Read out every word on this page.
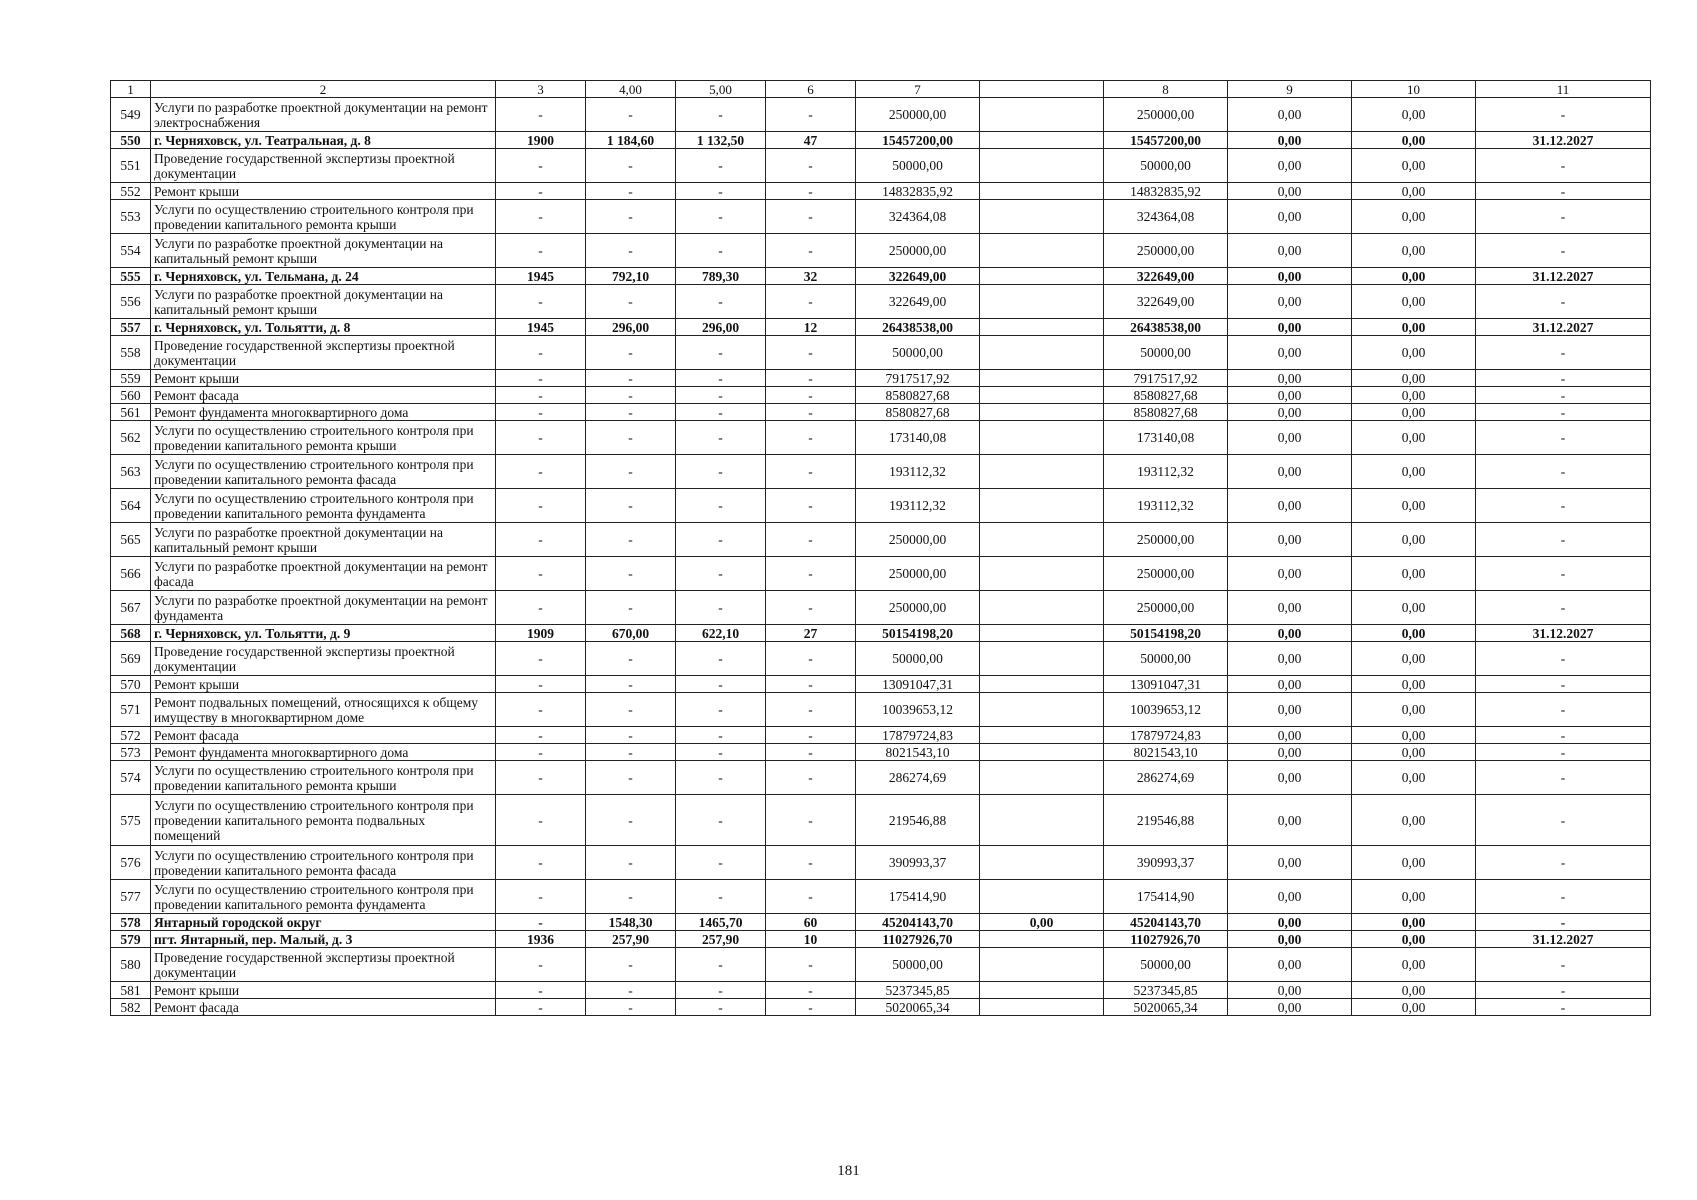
1	2	3	4,00	5,00	6	7		8	9	10	11
549	Услуги по разработке проектной документации на ремонт электроснабжения	-	-	-	-	250000,00		250000,00	0,00	0,00	-
550	г. Черняховск, ул. Театральная, д. 8	1900	1 184,60	1 132,50	47	15457200,00		15457200,00	0,00	0,00	31.12.2027
551	Проведение государственной экспертизы проектной документации	-	-	-	-	50000,00		50000,00	0,00	0,00	-
552	Ремонт крыши	-	-	-	-	14832835,92		14832835,92	0,00	0,00	-
553	Услуги по осуществлению строительного контроля при проведении капитального ремонта крыши	-	-	-	-	324364,08		324364,08	0,00	0,00	-
554	Услуги по разработке проектной документации на капитальный ремонт крыши	-	-	-	-	250000,00		250000,00	0,00	0,00	-
555	г. Черняховск, ул. Тельмана, д. 24	1945	792,10	789,30	32	322649,00		322649,00	0,00	0,00	31.12.2027
556	Услуги по разработке проектной документации на капитальный ремонт крыши	-	-	-	-	322649,00		322649,00	0,00	0,00	-
557	г. Черняховск, ул. Тольятти, д. 8	1945	296,00	296,00	12	26438538,00		26438538,00	0,00	0,00	31.12.2027
558	Проведение государственной экспертизы проектной документации	-	-	-	-	50000,00		50000,00	0,00	0,00	-
559	Ремонт крыши	-	-	-	-	7917517,92		7917517,92	0,00	0,00	-
560	Ремонт фасада	-	-	-	-	8580827,68		8580827,68	0,00	0,00	-
561	Ремонт фундамента многоквартирного дома	-	-	-	-	8580827,68		8580827,68	0,00	0,00	-
562	Услуги по осуществлению строительного контроля при проведении капитального ремонта крыши	-	-	-	-	173140,08		173140,08	0,00	0,00	-
563	Услуги по осуществлению строительного контроля при проведении капитального ремонта фасада	-	-	-	-	193112,32		193112,32	0,00	0,00	-
564	Услуги по осуществлению строительного контроля при проведении капитального ремонта фундамента	-	-	-	-	193112,32		193112,32	0,00	0,00	-
565	Услуги по разработке проектной документации на капитальный ремонт крыши	-	-	-	-	250000,00		250000,00	0,00	0,00	-
566	Услуги по разработке проектной документации на ремонт фасада	-	-	-	-	250000,00		250000,00	0,00	0,00	-
567	Услуги по разработке проектной документации на ремонт фундамента	-	-	-	-	250000,00		250000,00	0,00	0,00	-
568	г. Черняховск, ул. Тольятти, д. 9	1909	670,00	622,10	27	50154198,20		50154198,20	0,00	0,00	31.12.2027
569	Проведение государственной экспертизы проектной документации	-	-	-	-	50000,00		50000,00	0,00	0,00	-
570	Ремонт крыши	-	-	-	-	13091047,31		13091047,31	0,00	0,00	-
571	Ремонт подвальных помещений, относящихся к общему имуществу в многоквартирном доме	-	-	-	-	10039653,12		10039653,12	0,00	0,00	-
572	Ремонт фасада	-	-	-	-	17879724,83		17879724,83	0,00	0,00	-
573	Ремонт фундамента многоквартирного дома	-	-	-	-	8021543,10		8021543,10	0,00	0,00	-
574	Услуги по осуществлению строительного контроля при проведении капитального ремонта крыши	-	-	-	-	286274,69		286274,69	0,00	0,00	-
575	Услуги по осуществлению строительного контроля при проведении капитального ремонта подвальных помещений	-	-	-	-	219546,88		219546,88	0,00	0,00	-
576	Услуги по осуществлению строительного контроля при проведении капитального ремонта фасада	-	-	-	-	390993,37		390993,37	0,00	0,00	-
577	Услуги по осуществлению строительного контроля при проведении капитального ремонта фундамента	-	-	-	-	175414,90		175414,90	0,00	0,00	-
578	Янтарный городской округ	-	1548,30	1465,70	60	45204143,70	0,00	45204143,70	0,00	0,00	-
579	пгт. Янтарный, пер. Малый, д. 3	1936	257,90	257,90	10	11027926,70		11027926,70	0,00	0,00	31.12.2027
580	Проведение государственной экспертизы проектной документации	-	-	-	-	50000,00		50000,00	0,00	0,00	-
581	Ремонт крыши	-	-	-	-	5237345,85		5237345,85	0,00	0,00	-
582	Ремонт фасада	-	-	-	-	5020065,34		5020065,34	0,00	0,00	-
181
